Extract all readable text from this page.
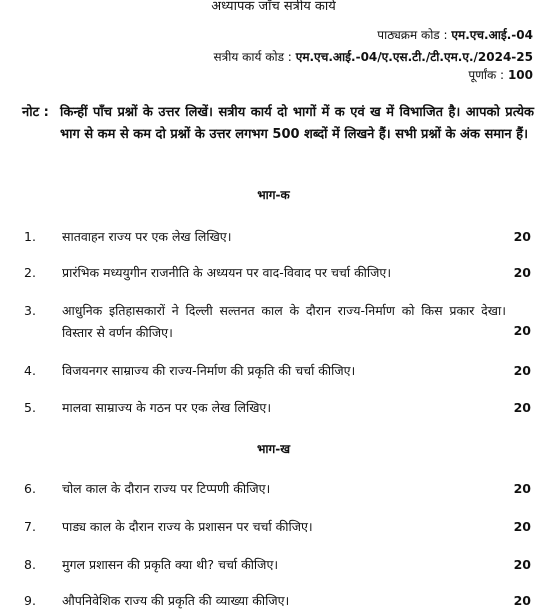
अध्यापक जाँच सत्रीय कार्य
पाठ्यक्रम कोड : एम.एच.आई.-04
सत्रीय कार्य कोड : एम.एच.आई.-04/ए.एस.टी./टी.एम.ए./2024-25
पूर्णांक : 100
नोट : किन्हीं पाँच प्रश्नों के उत्तर लिखें। सत्रीय कार्य दो भागों में क एवं ख में विभाजित है। आपको प्रत्येक भाग से कम से कम दो प्रश्नों के उत्तर लगभग 500 शब्दों में लिखने हैं। सभी प्रश्नों के अंक समान हैं।
भाग-क
1. सातवाहन राज्य पर एक लेख लिखिए।	20
2. प्रारंभिक मध्ययुगीन राजनीति के अध्ययन पर वाद-विवाद पर चर्चा कीजिए।	20
3. आधुनिक इतिहासकारों ने दिल्ली सल्तनत काल के दौरान राज्य-निर्माण को किस प्रकार देखा। विस्तार से वर्णन कीजिए।	20
4. विजयनगर साम्राज्य की राज्य-निर्माण की प्रकृति की चर्चा कीजिए।	20
5. मालवा साम्राज्य के गठन पर एक लेख लिखिए।	20
भाग-ख
6. चोल काल के दौरान राज्य पर टिप्पणी कीजिए।	20
7. पाड्य काल के दौरान राज्य के प्रशासन पर चर्चा कीजिए।	20
8. मुगल प्रशासन की प्रकृति क्या थी? चर्चा कीजिए।	20
9. औपनिवेशिक राज्य की प्रकृति की व्याख्या कीजिए।	20
